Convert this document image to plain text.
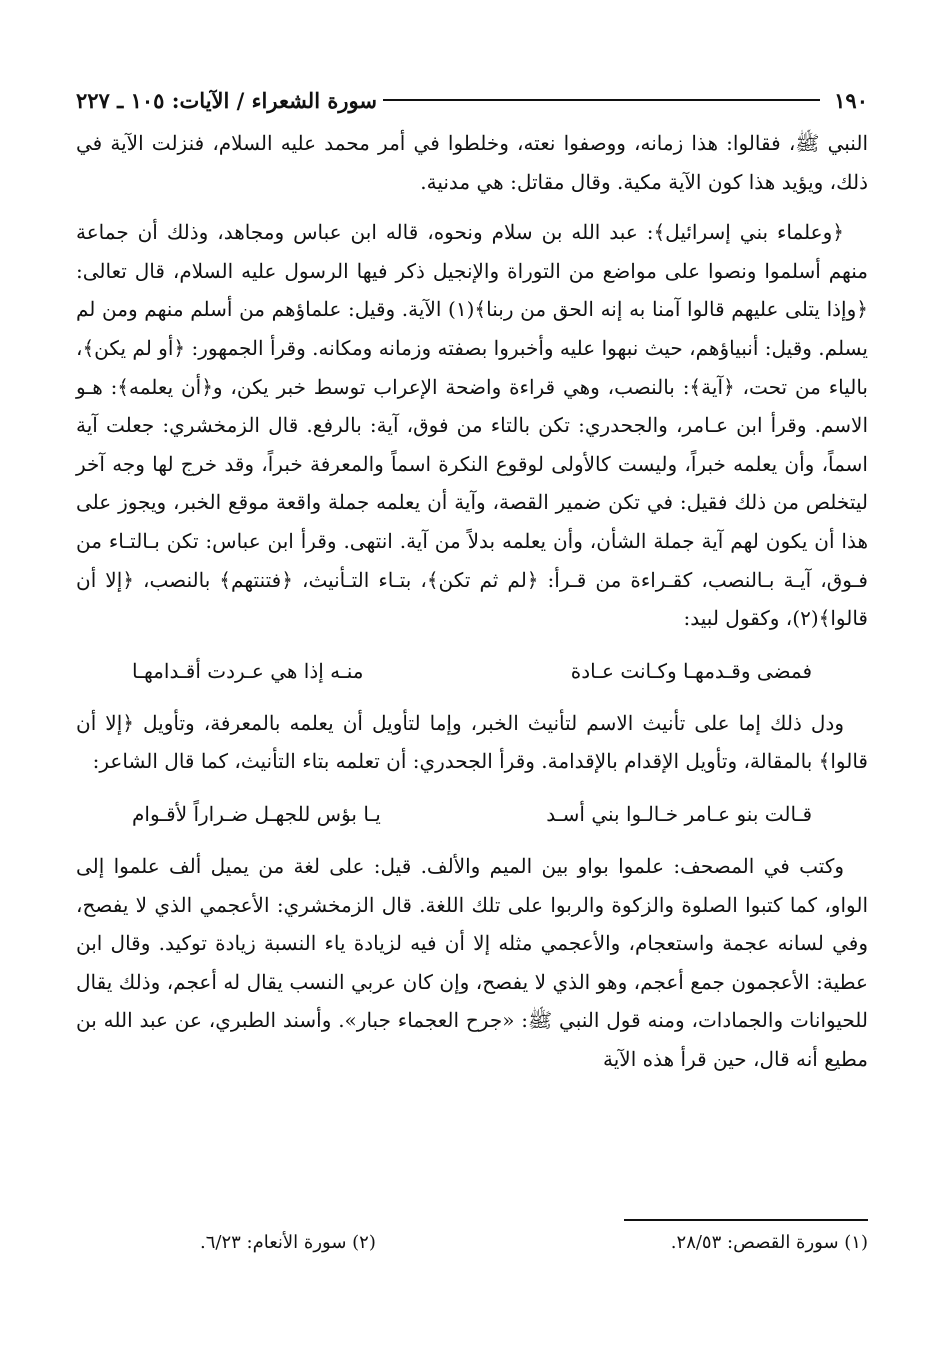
١٩٠
سورة الشعراء / الآيات: ١٠٥ ـ ٢٢٧

النبي ﷺ، فقالوا: هذا زمانه، ووصفوا نعته، وخلطوا في أمر محمد عليه السلام، فنزلت الآية في ذلك، ويؤيد هذا كون الآية مكية. وقال مقاتل: هي مدنية.

﴿وعلماء بني إسرائيل﴾: عبد الله بن سلام ونحوه، قاله ابن عباس ومجاهد، وذلك أن جماعة منهم أسلموا ونصوا على مواضع من التوراة والإنجيل ذكر فيها الرسول عليه السلام، قال تعالى: ﴿وإذا يتلى عليهم قالوا آمنا به إنه الحق من ربنا﴾(١) الآية. وقيل: علماؤهم من أسلم منهم ومن لم يسلم. وقيل: أنبياؤهم، حيث نبهوا عليه وأخبروا بصفته وزمانه ومكانه. وقرأ الجمهور: ﴿أو لم يكن﴾، بالياء من تحت، ﴿آية﴾: بالنصب، وهي قراءة واضحة الإعراب توسط خبر يكن، و﴿أن يعلمه﴾: هـو الاسم. وقرأ ابن عـامر، والجحدري: تكن بالتاء من فوق، آية: بالرفع. قال الزمخشري: جعلت آية اسماً، وأن يعلمه خبراً، وليست كالأولى لوقوع النكرة اسماً والمعرفة خبراً، وقد خرج لها وجه آخر ليتخلص من ذلك فقيل: في تكن ضمير القصة، وآية أن يعلمه جملة واقعة موقع الخبر، ويجوز على هذا أن يكون لهم آية جملة الشأن، وأن يعلمه بدلاً من آية. انتهى. وقرأ ابن عباس: تكن بـالتـاء من فـوق، آيـة بـالنصب، كقـراءة من قـرأ: ﴿لم ثم تكن﴾، بتـاء التـأنيث، ﴿فتنتهم﴾ بالنصب، ﴿إلا أن قالوا﴾(٢)، وكقول لبيد:

فمضى وقـدمهـا وكـانت عـادة
منـه إذا هي عـردت أقـدامهـا

ودل ذلك إما على تأنيث الاسم لتأنيث الخبر، وإما لتأويل أن يعلمه بالمعرفة، وتأويل ﴿إلا أن قالوا﴾ بالمقالة، وتأويل الإقدام بالإقدامة. وقرأ الجحدري: أن تعلمه بتاء التأنيث، كما قال الشاعر:

قـالت بنو عـامر خـالـوا بني أسـد
يـا بؤس للجهـل ضـراراً لأقـوام

وكتب في المصحف: علموا بواو بين الميم والألف. قيل: على لغة من يميل ألف علموا إلى الواو، كما كتبوا الصلوة والزكوة والربوا على تلك اللغة. قال الزمخشري: الأعجمي الذي لا يفصح، وفي لسانه عجمة واستعجام، والأعجمي مثله إلا أن فيه لزيادة ياء النسبة زيادة توكيد. وقال ابن عطية: الأعجمون جمع أعجم، وهو الذي لا يفصح، وإن كان عربي النسب يقال له أعجم، وذلك يقال للحيوانات والجمادات، ومنه قول النبي ﷺ: «جرح العجماء جبار». وأسند الطبري، عن عبد الله بن مطيع أنه قال، حين قرأ هذه الآية

(١) سورة القصص: ٢٨/٥٣.
(٢) سورة الأنعام: ٦/٢٣.
